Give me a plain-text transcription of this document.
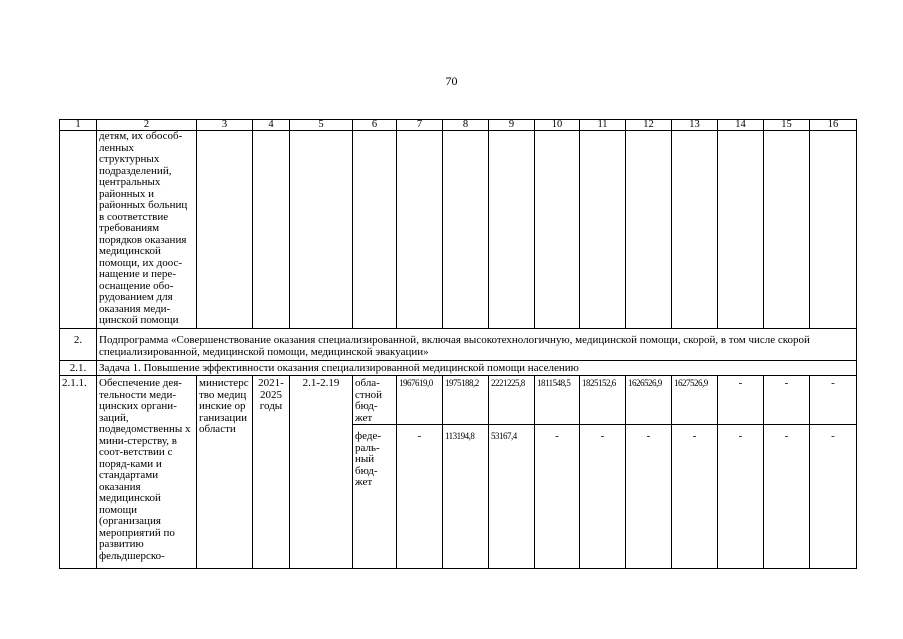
70
1	2	3	4	5	6	7	8	9	10	11	12	13	14	15	16
	детям, их обособ-ленных структурных подразделений, центральных районных и районных больниц в соответствие требованиям порядков оказания медицинской помощи, их доос-нащение и пере-оснащение обо-рудованием для оказания меди-цинской помощи														
2.	Подпрограмма «Совершенствование оказания специализированной, включая высокотехнологичную, медицинской помощи, скорой, в том числе скорой специализированной, медицинской помощи, медицинской эвакуации»														
2.1.	Задача 1. Повышение эффективности оказания специализированной медицинской помощи населению														
2.1.1.	Обеспечение дея-тельности меди-цинских органи-заций, подведомственны х мини-стерству, в соот-ветствии с поряд-ками и стандартами оказания медицинской помощи (организация мероприятий по развитию фельдшерско-	министерство медицинские организации области	2021-2025 годы	2.1-2.19	обла-стной бюд-жет	1967619,0	1975188,2	2221225,8	1811548,5	1825152,6	1626526,9	1627526,9	-	-	-
					феде-раль-ный бюд-жет	-	113194,8	53167,4	-	-	-	-	-	-	-
